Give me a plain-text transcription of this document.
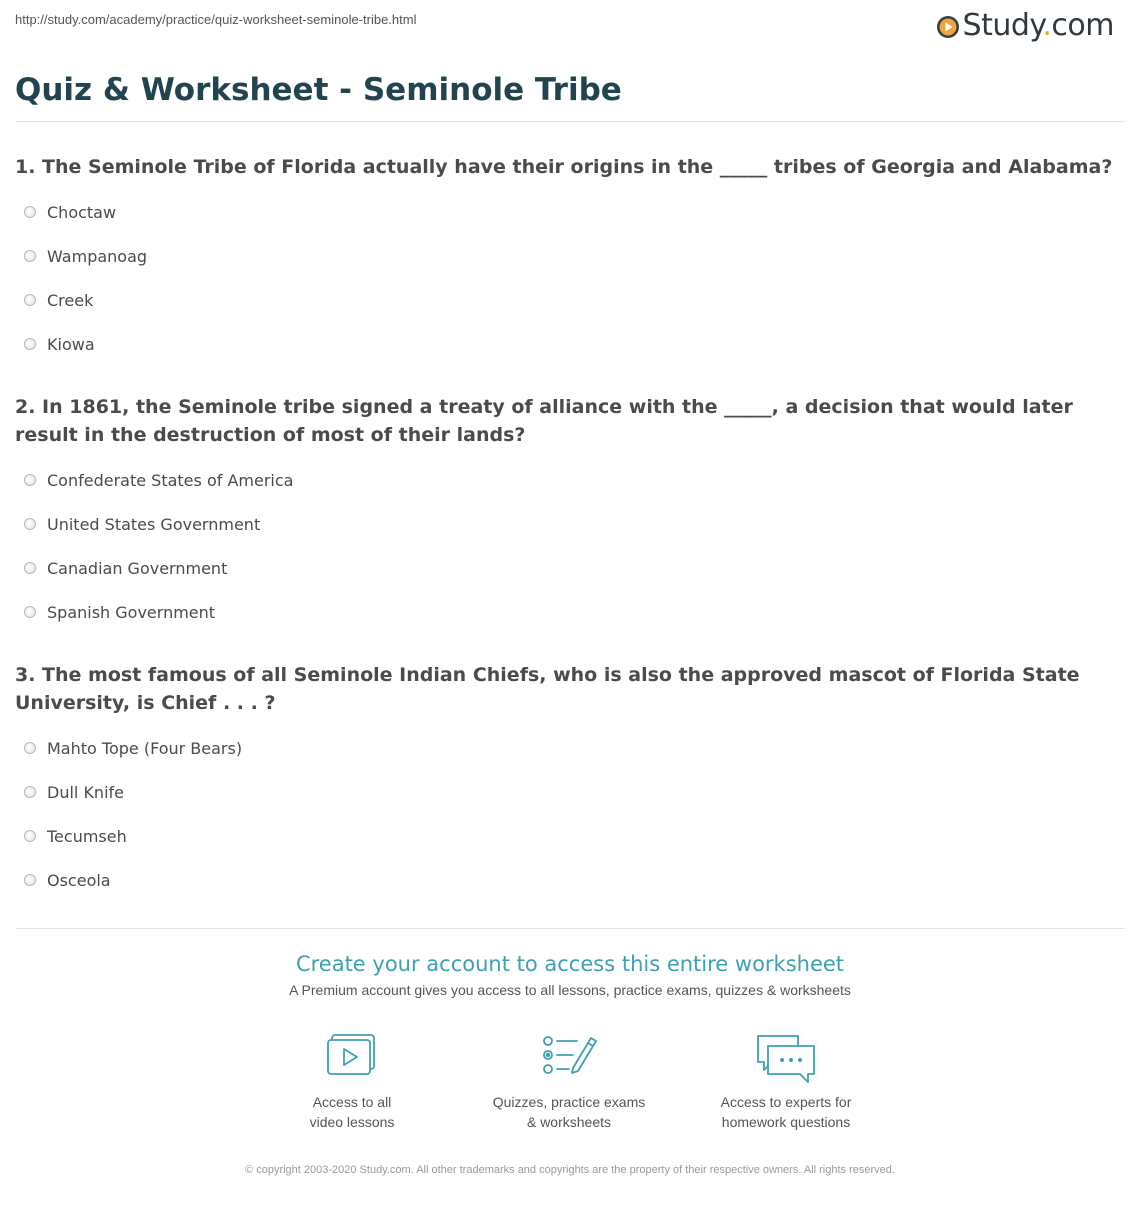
http://study.com/academy/practice/quiz-worksheet-seminole-tribe.html	Study.com
Quiz & Worksheet - Seminole Tribe
1. The Seminole Tribe of Florida actually have their origins in the _____ tribes of Georgia and Alabama?
Choctaw
Wampanoag
Creek
Kiowa
2. In 1861, the Seminole tribe signed a treaty of alliance with the _____, a decision that would later result in the destruction of most of their lands?
Confederate States of America
United States Government
Canadian Government
Spanish Government
3. The most famous of all Seminole Indian Chiefs, who is also the approved mascot of Florida State University, is Chief . . . ?
Mahto Tope (Four Bears)
Dull Knife
Tecumseh
Osceola
Create your account to access this entire worksheet
A Premium account gives you access to all lessons, practice exams, quizzes & worksheets
Access to all
video lessons
Quizzes, practice exams
& worksheets
Access to experts for
homework questions
© copyright 2003-2020 Study.com. All other trademarks and copyrights are the property of their respective owners. All rights reserved.
